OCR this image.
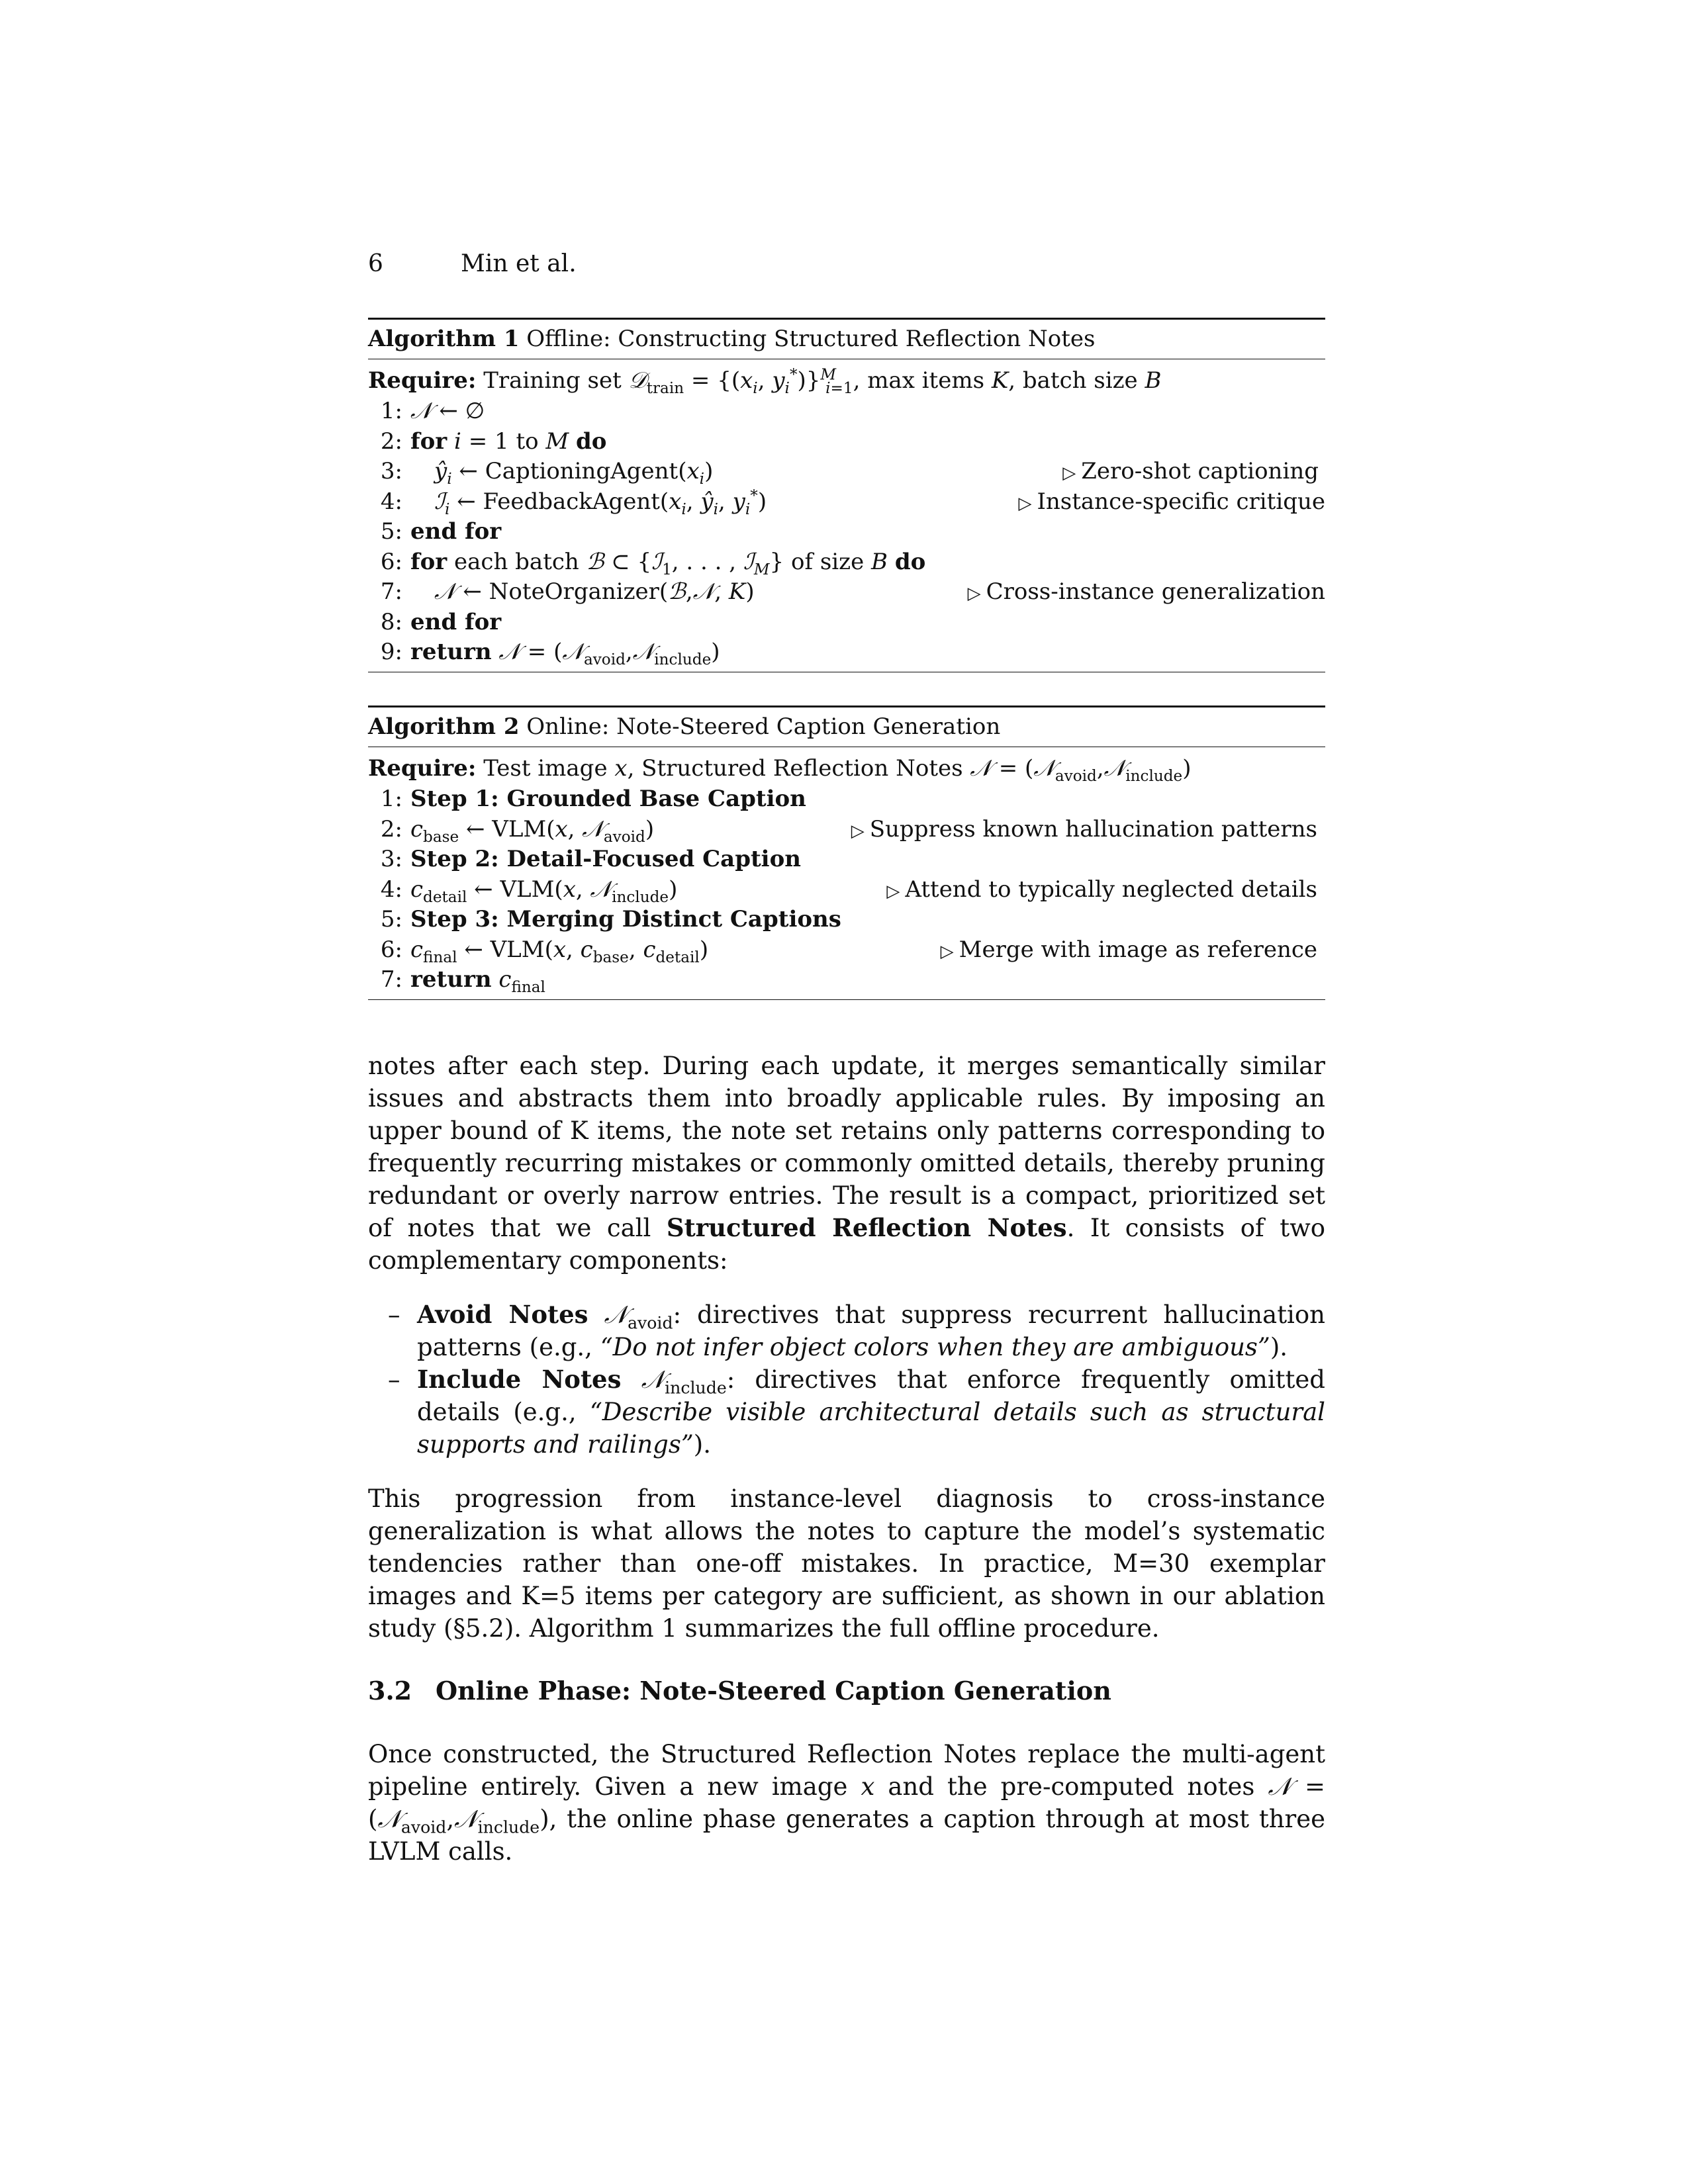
6	Min et al.
Algorithm 1 Offline: Constructing Structured Reflection Notes
Require: Training set 𝒟$_{train}$ = {($x_i$, $y_i^*)\}^M_{i=1}$, max items K, batch size B
1: 𝒩 ← ∅
2: for i = 1 to M do
3: $ŷ_i$ ← $CaptioningAgent(x_i)$	▷ Zero-shot captioning
4: ℐ$_i$ ← $FeedbackAgent(x_i$, $ŷ_i$, $y_i^*$)	▷ Instance-specific critique
5: end for
6: for each batch ℬ ⊂ {ℐ$_1$, . . . , ℐ$_M$} of size B do
7: 𝒩 ← NoteOrganizer(ℬ,𝒩, K)	▷ Cross-instance generalization
8: end for
9: return 𝒩 = (𝒩$_{avoid}$,𝒩$_{include}$)
Algorithm 2 Online: Note-Steered Caption Generation
Require: Test image x, Structured Reflection Notes 𝒩 = (𝒩$_{avoid}$,𝒩$_{include}$)
1: Step 1: Grounded Base Caption
2: $c_{base}$ ← VLM(x, 𝒩$_{avoid}$)	▷ Suppress known hallucination patterns
3: Step 2: Detail-Focused Caption
4: $c_{detail}$ ← VLM(x, 𝒩$_{include}$)	▷ Attend to typically neglected details
5: Step 3: Merging Distinct Captions
6: $c_{final}$ ← VLM(x, $c_{base}$, $c_{detail}$)	▷ Merge with image as reference
7: return $c_{final}$
notes after each step. During each update, it merges semantically similar issues and abstracts them into broadly applicable rules. By imposing an upper bound of K items, the note set retains only patterns corresponding to frequently recurring mistakes or commonly omitted details, thereby pruning redundant or overly narrow entries. The result is a compact, prioritized set of notes that we call Structured Reflection Notes. It consists of two complementary components:
– Avoid Notes 𝒩$_{avoid}$: directives that suppress recurrent hallucination patterns (e.g., “Do not infer object colors when they are ambiguous”).
– Include Notes 𝒩$_{include}$: directives that enforce frequently omitted details (e.g., “Describe visible architectural details such as structural supports and railings”).
This progression from instance-level diagnosis to cross-instance generalization is what allows the notes to capture the model’s systematic tendencies rather than one-off mistakes. In practice, M=30 exemplar images and K=5 items per category are sufficient, as shown in our ablation study (§5.2). Algorithm 1 summarizes the full offline procedure.
3.2 Online Phase: Note-Steered Caption Generation
Once constructed, the Structured Reflection Notes replace the multi-agent pipeline entirely. Given a new image x and the pre-computed notes 𝒩 = (𝒩$_{avoid}$,𝒩$_{include}$), the online phase generates a caption through at most three LVLM calls.
